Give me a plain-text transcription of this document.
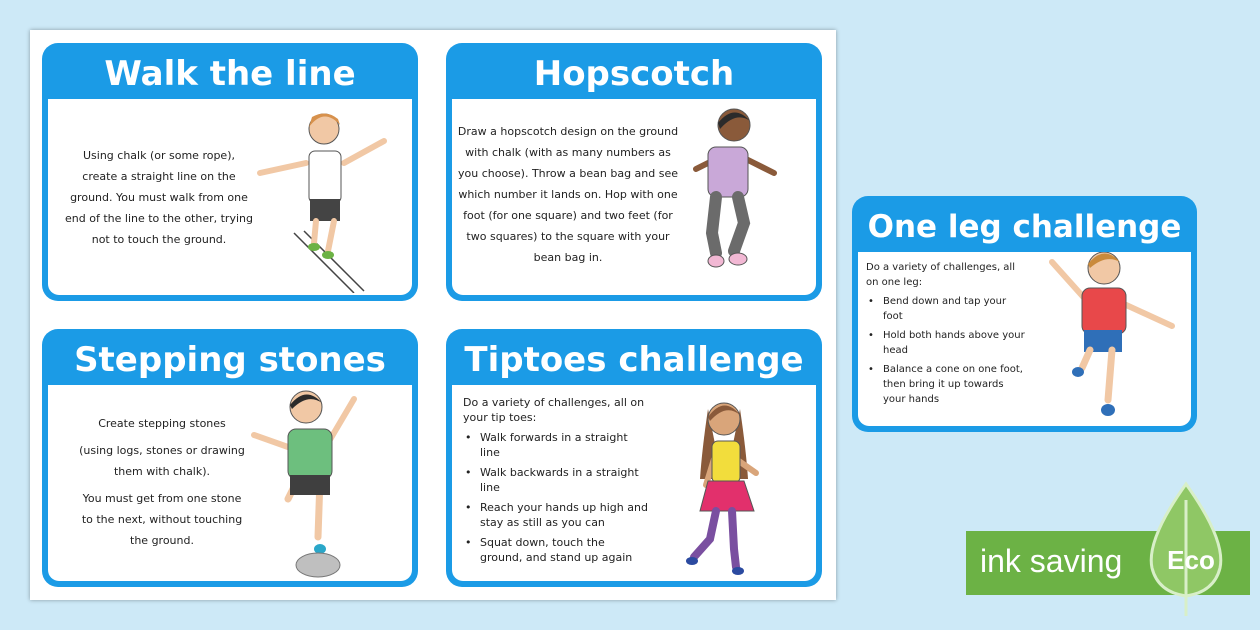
Walk the line

Using chalk (or some rope),

create a straight line on the

ground. You must walk from one

end of the line to the other, trying

not to touch the ground.

Hopscotch

Draw a hopscotch design on the ground

with chalk (with as many numbers as

you choose). Throw a bean bag and see

which number it lands on. Hop with one

foot (for one square) and two feet (for

two squares) to the square with your

bean bag in.

Stepping stones

Create stepping stones

(using logs, stones or drawing

them with chalk).

You must get from one stone

to the next, without touching

the ground.

Tiptoes challenge

Do a variety of challenges, all on your tip toes:

• Walk forwards in a straight line
• Walk backwards in a straight line
• Reach your hands up high and stay as still as you can
• Squat down, touch the ground, and stand up again
One leg challenge

Do a variety of challenges, all on one leg:

• Bend down and tap your foot
• Hold both hands above your head
• Balance a cone on one foot, then bring it up towards your hands
ink saving Eco
